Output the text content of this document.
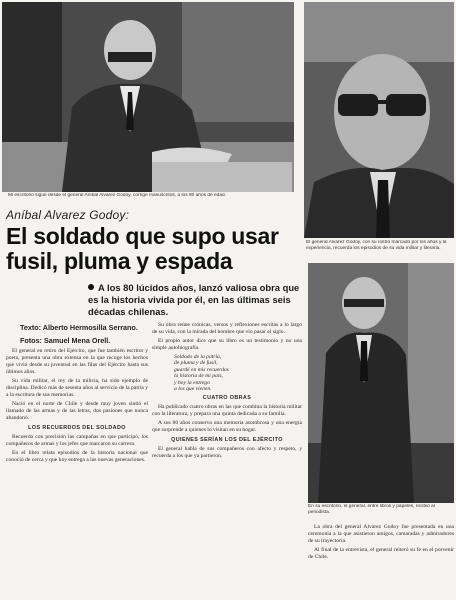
Mi escritorio sigue desde el general Aníbal Alvarez Godoy, corrige manuscritos, a los 80 años de edad.
El general Alvarez Godoy, con su rostro marcado por los años y la experiencia, recuerda los episodios de su vida militar y literaria.
Aníbal Alvarez Godoy:
El soldado que supo usar fusil, pluma y espada
A los 80 lúcidos años, lanzó valiosa obra que es la historia vivida por él, en las últimas seis décadas chilenas.
Texto: Alberto Hermosilla Serrano.
Fotos: Samuel Mena Orell.
En su escritorio, el general, entre libros y papeles, recibió al periodista.

El general en retiro del Ejército, que fue también escritor y poeta, presenta una obra extensa en la que recoge los hechos que vivió desde su juventud en las filas del Ejército hasta sus últimos años.

Su vida militar, el rey de la milicia, ha sido ejemplo de disciplina. Dedicó más de sesenta años al servicio de la patria y a la escritura de sus memorias.

Nació en el norte de Chile y desde muy joven sintió el llamado de las armas y de las letras, dos pasiones que nunca abandonó.

LOS RECUERDOS DEL SOLDADO

Recuerda con precisión las campañas en que participó, los compañeros de armas y los jefes que marcaron su carrera.

En el libro relata episodios de la historia nacional que conoció de cerca y que hoy entrega a las nuevas generaciones.

Su obra reúne crónicas, versos y reflexiones escritas a lo largo de su vida, con la mirada del hombre que vio pasar el siglo.

El propio autor dice que su libro es un testimonio y no una simple autobiografía.

Soldado de la patria,
de pluma y de fusil,
guardé en mis recuerdos
la historia de mi país,
y hoy la entrego
a los que vienen.
CUATRO OBRAS

Ha publicado cuatro obras en las que combina la historia militar con la literatura, y prepara una quinta dedicada a su familia.

A sus 80 años conserva una memoria asombrosa y una energía que sorprende a quienes lo visitan en su hogar.

QUIENES SERÍAN LOS DEL EJÉRCITO

El general habla de sus compañeros con afecto y respeto, y recuerda a los que ya partieron.

La obra del general Alvarez Godoy fue presentada en una ceremonia a la que asistieron amigos, camaradas y admiradores de su trayectoria.

Al final de la entrevista, el general reiteró su fe en el porvenir de Chile.
